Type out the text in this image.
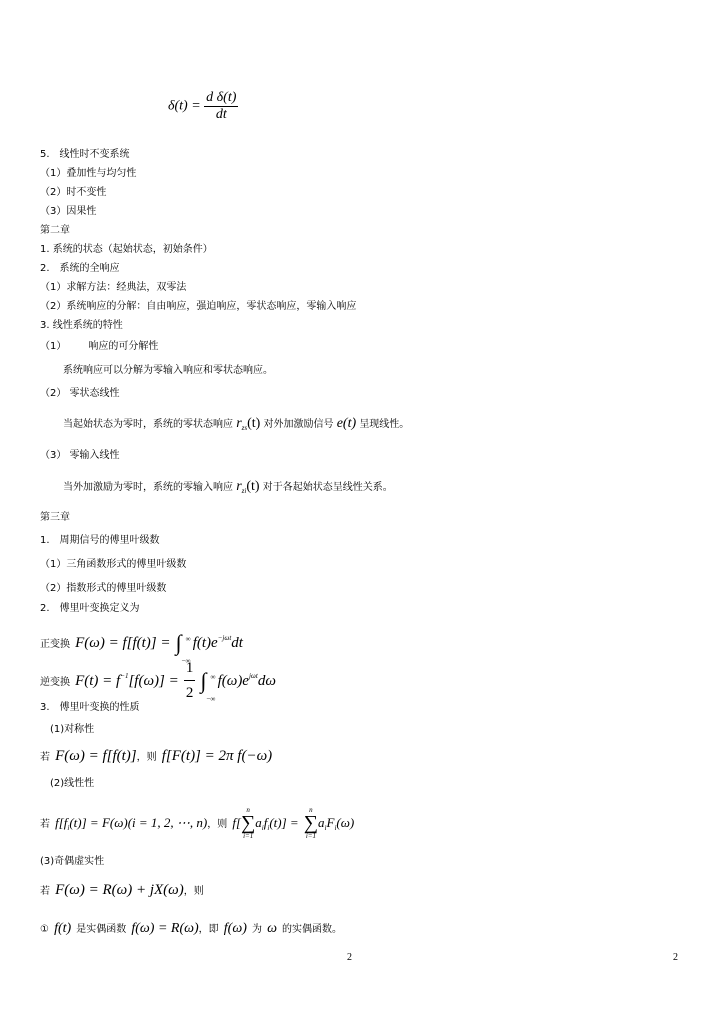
$\delta(t) = \frac{\text{d δ(t)}}{dt}$
5.　线性时不变系统
（1）叠加性与均匀性
（2）时不变性
（3）因果性
第二章
1. 系统的状态（起始状态，初始条件）
2.　系统的全响应
（1）求解方法：经典法，双零法
（2）系统响应的分解：自由响应，强迫响应，零状态响应，零输入响应
3. 线性系统的特性
（1） 响应的可分解性
系统响应可以分解为零输入响应和零状态响应。
（2） 零状态线性
当起始状态为零时，系统的零状态响应 $r_{zs}(t)$ 对外加激励信号 e(t) 呈现线性。
（3） 零输入线性
当外加激励为零时，系统的零输入响应 $r_{zi}(t)$ 对于各起始状态呈线性关系。
第三章
1.　周期信号的傅里叶级数
（1）三角函数形式的傅里叶级数
（2）指数形式的傅里叶级数
2.　傅里叶变换定义为
正变换 F(ω) = f[f(t)] = ∫ ∞
−∞
$f(t)e^{-j\omega t}dt$
逆变换 $F(t) = f^{-1}[f(\omega)] = \frac{1}{2}$ ∫ ∞
−∞
$f(\omega)e^{j\omega t}d\omega$
3.　傅里叶变换的性质
(1)对称性
若 F(ω) = f[f(t)]，则 f[F(t)] = 2π f(−ω)
(2)线性性
若 $f[f_i(t)] = F(\omega)(i = 1$, 2, ⋯, n)，则 f[
n
∑
i=1
$a_if_i(t)$] =
n
∑
i=1
$a_iF_i(\omega)$
(3)奇偶虚实性
若 F(ω) = R(ω) + jX(ω)，则
① f(t) 是实偶函数 f(ω) = R(ω)，即 f(ω) 为 ω 的实偶函数。
2	2
